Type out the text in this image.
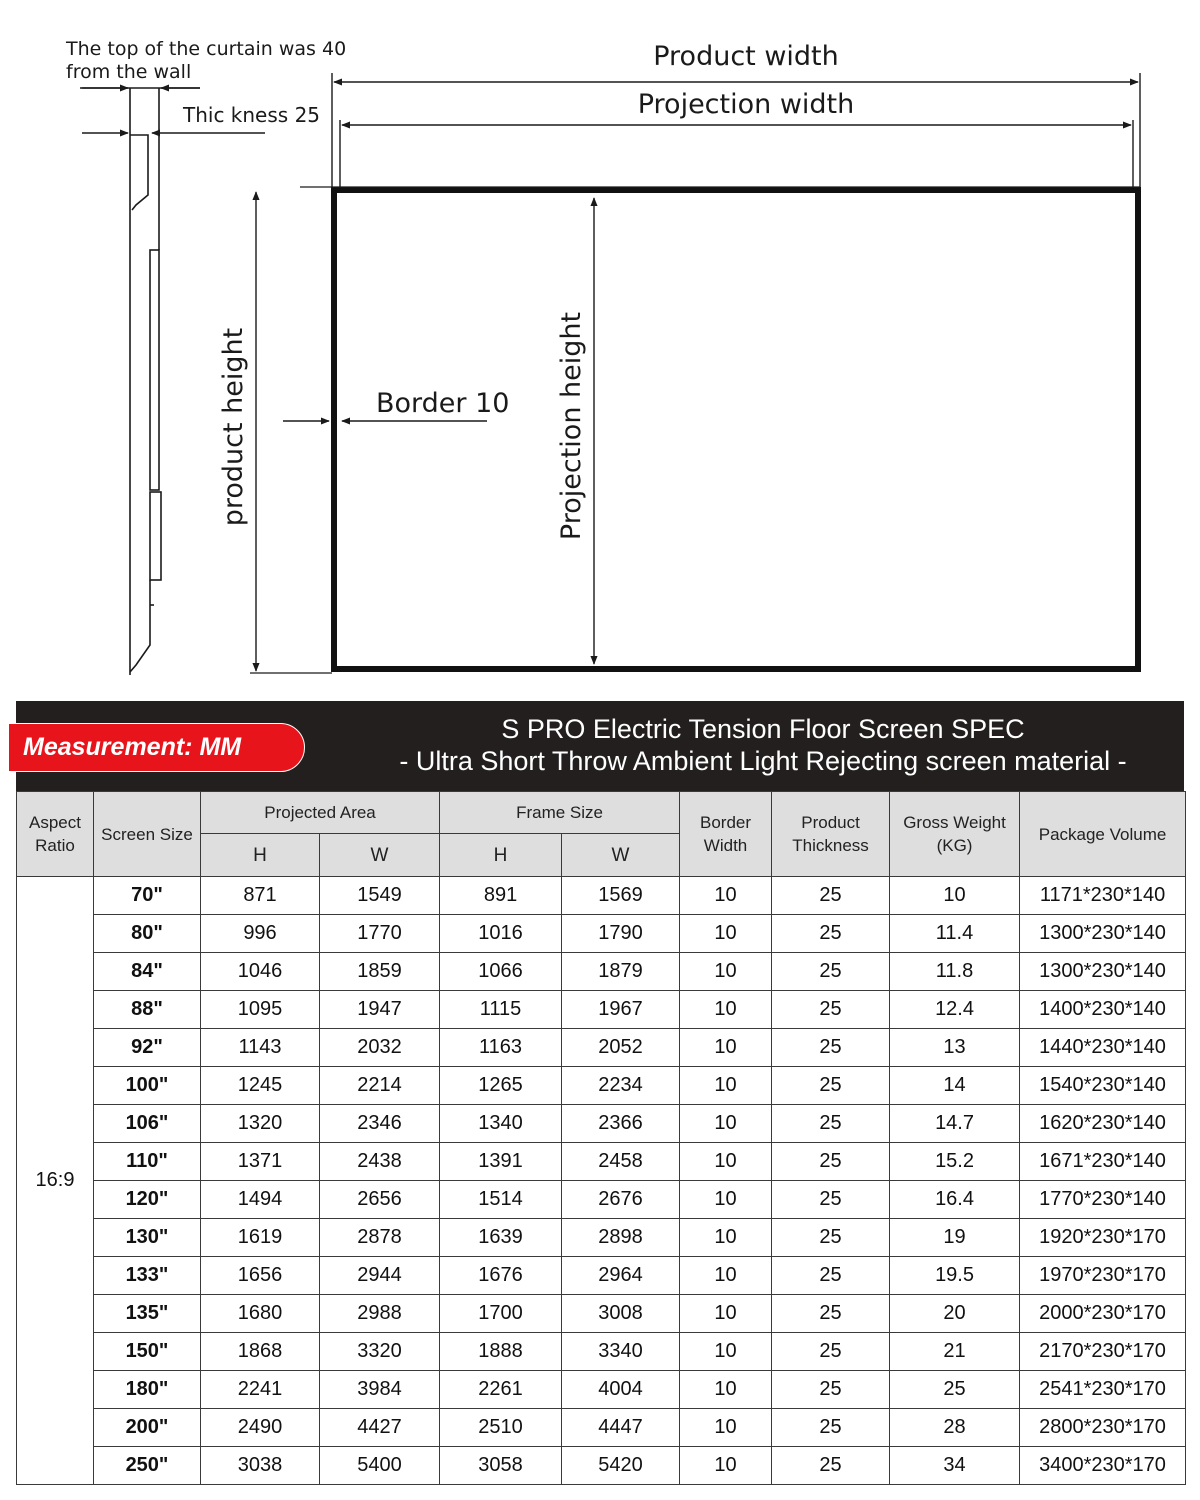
The top of the curtain was 40
from the wall
Thic kness 25
Product width
Projection width
product height	Projection height
Border 10
Measurement: MM
S PRO Electric Tension Floor Screen SPEC
- Ultra Short Throw Ambient Light Rejecting screen material -
Aspect Ratio	Screen Size	Projected Area		Frame Size		Border Width	Product Thickness	Gross Weight (KG)	Package Volume
		H	W	H	W				
16:9	70"	871	1549	891	1569	10	25	10	1171*230*140
	80"	996	1770	1016	1790	10	25	11.4	1300*230*140
	84"	1046	1859	1066	1879	10	25	11.8	1300*230*140
	88"	1095	1947	1115	1967	10	25	12.4	1400*230*140
	92"	1143	2032	1163	2052	10	25	13	1440*230*140
	100"	1245	2214	1265	2234	10	25	14	1540*230*140
	106"	1320	2346	1340	2366	10	25	14.7	1620*230*140
	110"	1371	2438	1391	2458	10	25	15.2	1671*230*140
	120"	1494	2656	1514	2676	10	25	16.4	1770*230*140
	130"	1619	2878	1639	2898	10	25	19	1920*230*170
	133"	1656	2944	1676	2964	10	25	19.5	1970*230*170
	135"	1680	2988	1700	3008	10	25	20	2000*230*170
	150"	1868	3320	1888	3340	10	25	21	2170*230*170
	180"	2241	3984	2261	4004	10	25	25	2541*230*170
	200"	2490	4427	2510	4447	10	25	28	2800*230*170
	250"	3038	5400	3058	5420	10	25	34	3400*230*170
